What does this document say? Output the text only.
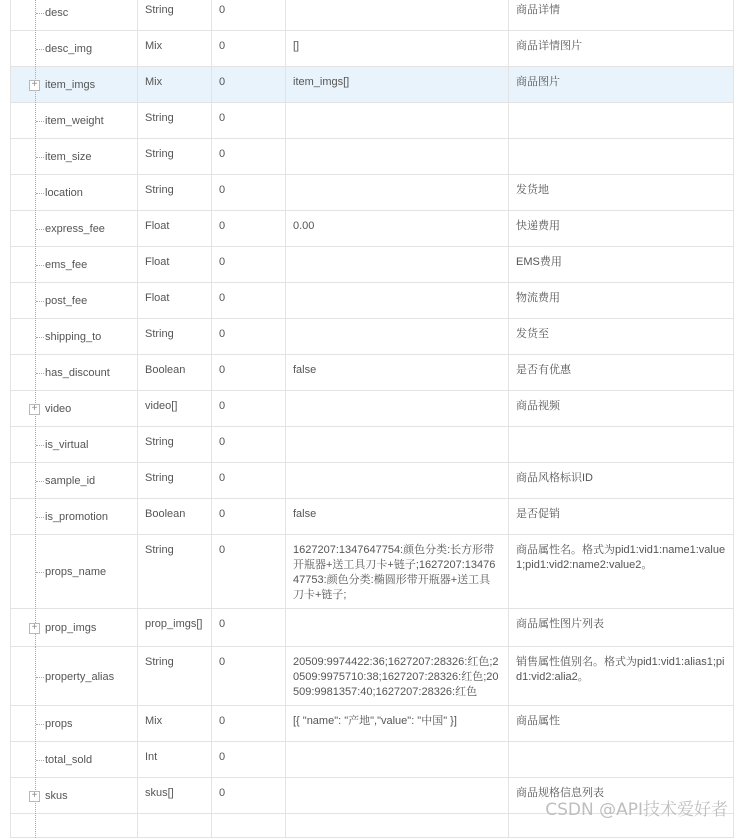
desc	String	0		商品详情

desc_img	Mix	0	[]	商品详情图片

+ item_imgs	Mix	0	item_imgs[]	商品图片

item_weight	String	0		

item_size	String	0		

location	String	0		发货地

express_fee	Float	0	0.00	快递费用

ems_fee	Float	0		EMS费用

post_fee	Float	0		物流费用

shipping_to	String	0		发货至

has_discount	Boolean	0	false	是否有优惠

+ video	video[]	0		商品视频

is_virtual	String	0		

sample_id	String	0		商品风格标识ID

is_promotion	Boolean	0	false	是否促销

props_name	String	0	1627207:1347647754:颜色分类:长方形带开瓶器+送工具刀卡+链子;1627207:1347647753:颜色分类:椭圆形带开瓶器+送工具刀卡+链子;	商品属性名。格式为pid1:vid1:name1:value1;pid1:vid2:name2:value2。

+ prop_imgs	prop_imgs[]	0		商品属性图片列表

property_alias	String	0	20509:9974422:36;1627207:28326:红色;20509:9975710:38;1627207:28326:红色;20509:9981357:40;1627207:28326:红色	销售属性值别名。格式为pid1:vid1:alias1;pid1:vid2:alia2。

props	Mix	0	[{ "name": "产地","value": "中国" }]	商品属性

total_sold	Int	0		

+ skus	skus[]	0		商品规格信息列表

CSDN @API技术爱好者
